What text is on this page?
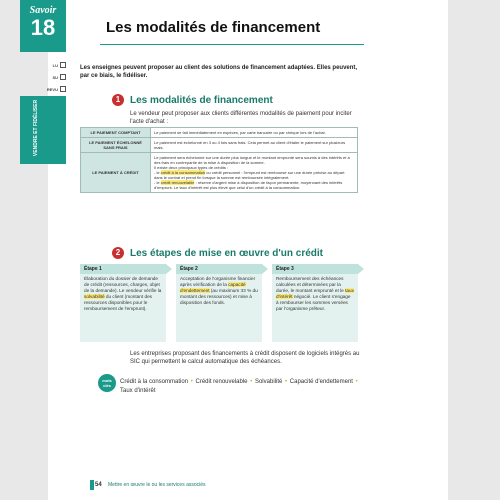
Savoir
18	Les modalités de financement
LU
SU
REVU
VENDRE ET FIDÉLISER
Les enseignes peuvent proposer au client des solutions de financement adaptées. Elles peuvent, par ce biais, le fidéliser.
1 Les modalités de financement
Le vendeur peut proposer aux clients différentes modalités de paiement pour inciter l'acte d'achat :
LE PAIEMENT COMPTANT	Le paiement se fait immédiatement en espèces, par carte bancaire ou par chèque lors de l'achat.
LE PAIEMENT ÉCHELONNÉ SANS FRAIS	Le paiement est échelonné en 3 ou 4 fois sans frais. Cela permet au client d'étaler le paiement sur plusieurs mais.
LE PAIEMENT À CRÉDIT	Le paiement sera échelonné sur une durée plus longue et le montant emprunté sera soumis à des intérêts et à des frais en contrepartie de la mise à disposition de la somme.
Il existe deux principaux types de crédits :
- le crédit à la consommation ou crédit personnel : l'emprunt est remboursé sur une durée précise au départ dans le contrat et prend fin lorsque la somme est remboursée intégralement.
- le crédit renouvelable : réserve d'argent mise à disposition de façon permanente, moyennant des intérêts d'emprunt. Le taux d'intérêt est plus élevé que celui d'un crédit à la consommation.
2 Les étapes de mise en œuvre d'un crédit
Étape 1
Élaboration du dossier de demande de crédit (ressources, charges, objet de la demande). Le vendeur vérifie la solvabilité du client (montant des ressources disponibles pour le remboursement de l'emprunt).
Étape 2
Acceptation de l'organisme financier après vérification de la capacité d'endettement (au maximum 33 % du montant des ressources) et mise à disposition des fonds.
Étape 3
Remboursement des échéances calculées et déterminées par la durée, le montant emprunté et le taux d'intérêt négocié. Le client s'engage à rembourser les sommes versées par l'organisme prêteur.
Les entreprises proposant des financements à crédit disposent de logiciels intégrés au SIC qui permettent le calcul automatique des échéances.
mots clés
Crédit à la consommation • Crédit renouvelable • Solvabilité • Capacité d'endettement • Taux d'intérêt
54 Mettre en œuvre le ou les services associés
